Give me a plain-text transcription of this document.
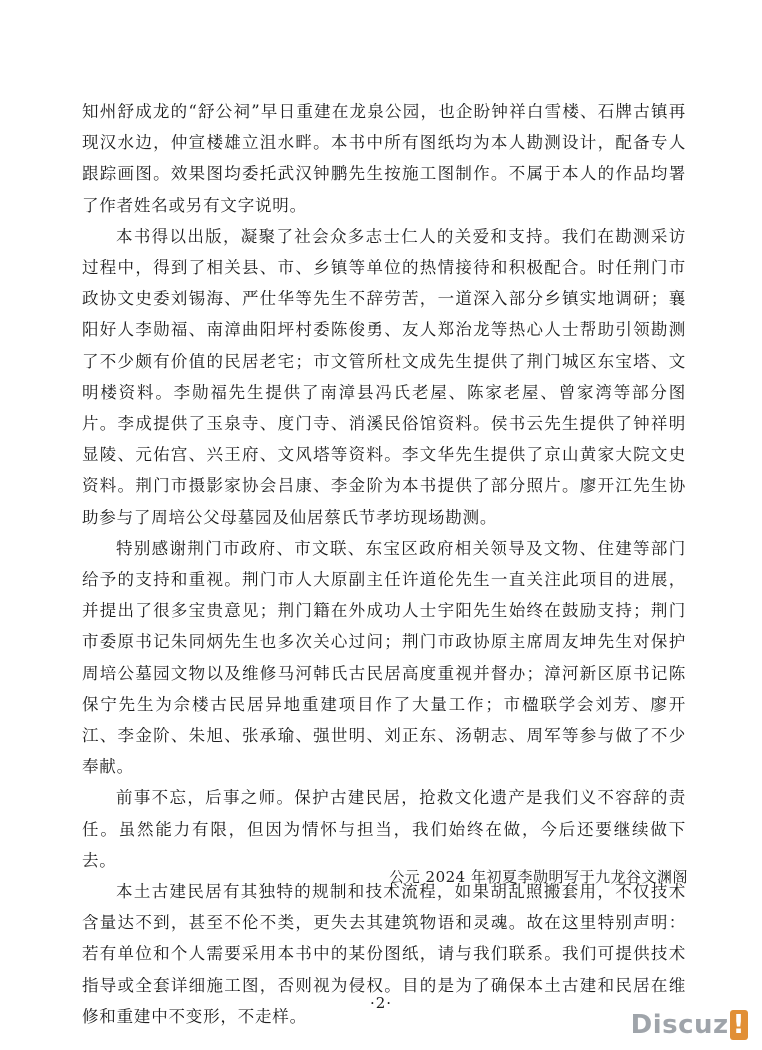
知州舒成龙的“舒公祠”早日重建在龙泉公园，也企盼钟祥白雪楼、石牌古镇再现汉水边，仲宣楼雄立沮水畔。本书中所有图纸均为本人勘测设计，配备专人跟踪画图。效果图均委托武汉钟鹏先生按施工图制作。不属于本人的作品均署了作者姓名或另有文字说明。

本书得以出版，凝聚了社会众多志士仁人的关爱和支持。我们在勘测采访过程中，得到了相关县、市、乡镇等单位的热情接待和积极配合。时任荆门市政协文史委刘锡海、严仕华等先生不辞劳苦，一道深入部分乡镇实地调研；襄阳好人李勋福、南漳曲阳坪村委陈俊勇、友人郑治龙等热心人士帮助引领勘测了不少颇有价值的民居老宅；市文管所杜文成先生提供了荆门城区东宝塔、文明楼资料。李勋福先生提供了南漳县冯氏老屋、陈家老屋、曾家湾等部分图片。李成提供了玉泉寺、度门寺、消溪民俗馆资料。侯书云先生提供了钟祥明显陵、元佑宫、兴王府、文风塔等资料。李文华先生提供了京山黄家大院文史资料。荆门市摄影家协会吕康、李金阶为本书提供了部分照片。廖开江先生协助参与了周培公父母墓园及仙居蔡氏节孝坊现场勘测。

特别感谢荆门市政府、市文联、东宝区政府相关领导及文物、住建等部门给予的支持和重视。荆门市人大原副主任许道伦先生一直关注此项目的进展，并提出了很多宝贵意见；荆门籍在外成功人士宇阳先生始终在鼓励支持；荆门市委原书记朱同炳先生也多次关心过问；荆门市政协原主席周友坤先生对保护周培公墓园文物以及维修马河韩氏古民居高度重视并督办；漳河新区原书记陈保宁先生为佘楼古民居异地重建项目作了大量工作；市楹联学会刘芳、廖开江、李金阶、朱旭、张承瑜、强世明、刘正东、汤朝志、周军等参与做了不少奉献。

前事不忘，后事之师。保护古建民居，抢救文化遗产是我们义不容辞的责任。虽然能力有限，但因为情怀与担当，我们始终在做，今后还要继续做下去。

本土古建民居有其独特的规制和技术流程，如果胡乱照搬套用，不仅技术含量达不到，甚至不伦不类，更失去其建筑物语和灵魂。故在这里特别声明：若有单位和个人需要采用本书中的某份图纸，请与我们联系。我们可提供技术指导或全套详细施工图，否则视为侵权。目的是为了确保本土古建和民居在维修和重建中不变形，不走样。

公元 2024 年初夏李勋明写于九龙谷文渊阁
·2·
Discuz !
